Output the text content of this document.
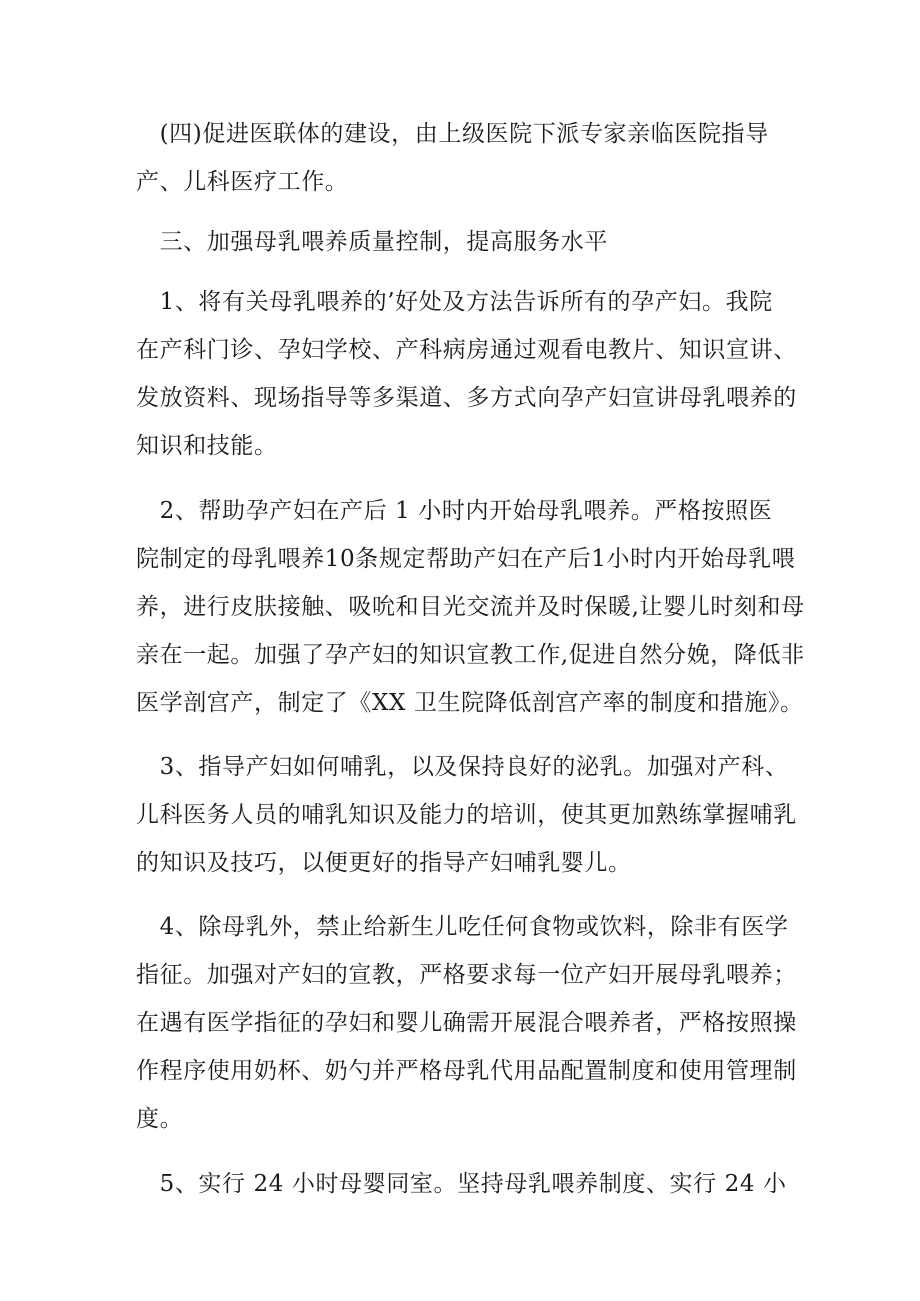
　(四)促进医联体的建设，由上级医院下派专家亲临医院指导
产、儿科医疗工作。
　三、加强母乳喂养质量控制，提高服务水平
　1、将有关母乳喂养的’好处及方法告诉所有的孕产妇。我院
在产科门诊、孕妇学校、产科病房通过观看电教片、知识宣讲、
发放资料、现场指导等多渠道、多方式向孕产妇宣讲母乳喂养的
知识和技能。
　2、帮助孕产妇在产后 1 小时内开始母乳喂养。严格按照医
院制定的母乳喂养10条规定帮助产妇在产后1小时内开始母乳喂
养，进行皮肤接触、吸吮和目光交流并及时保暖,让婴儿时刻和母
亲在一起。加强了孕产妇的知识宣教工作,促进自然分娩，降低非
医学剖宫产，制定了《XX 卫生院降低剖宫产率的制度和措施》。
　3、指导产妇如何哺乳，以及保持良好的泌乳。加强对产科、
儿科医务人员的哺乳知识及能力的培训，使其更加熟练掌握哺乳
的知识及技巧，以便更好的指导产妇哺乳婴儿。
　4、除母乳外，禁止给新生儿吃任何食物或饮料，除非有医学
指征。加强对产妇的宣教，严格要求每一位产妇开展母乳喂养；
在遇有医学指征的孕妇和婴儿确需开展混合喂养者，严格按照操
作程序使用奶杯、奶勺并严格母乳代用品配置制度和使用管理制
度。
　5、实行 24 小时母婴同室。坚持母乳喂养制度、实行 24 小
